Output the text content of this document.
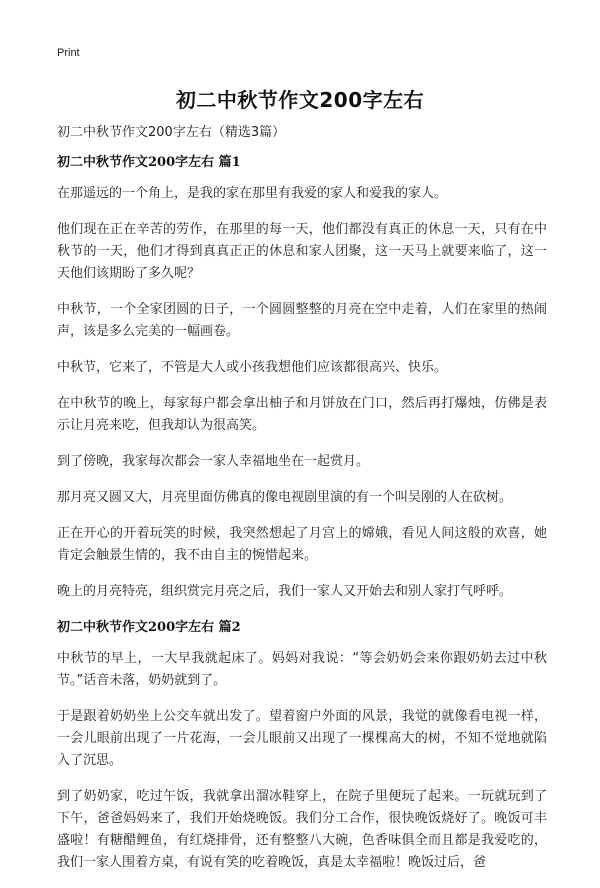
Print
初二中秋节作文200字左右

初二中秋节作文200字左右（精选3篇）

初二中秋节作文200字左右 篇1

在那遥远的一个角上，是我的家在那里有我爱的家人和爱我的家人。

他们现在正在辛苦的劳作，在那里的每一天，他们都没有真正的休息一天，只有在中秋节的一天，他们才得到真真正正的休息和家人团聚，这一天马上就要来临了，这一天他们该期盼了多久呢？

中秋节，一个全家团圆的日子，一个圆圆整整的月亮在空中走着，人们在家里的热闹声，该是多么完美的一幅画卷。

中秋节，它来了，不管是大人或小孩我想他们应该都很高兴、快乐。

在中秋节的晚上，每家每户都会拿出柚子和月饼放在门口，然后再打爆烛，仿佛是表示让月亮来吃，但我却认为很高笑。

到了傍晚，我家每次都会一家人幸福地坐在一起赏月。

那月亮又圆又大，月亮里面仿佛真的像电视剧里演的有一个叫吴刚的人在砍树。

正在开心的开着玩笑的时候，我突然想起了月宫上的嫦娥，看见人间这般的欢喜，她肯定会触景生情的，我不由自主的惋惜起来。

晚上的月亮特亮，组织赏完月亮之后，我们一家人又开始去和别人家打气呼呼。

初二中秋节作文200字左右 篇2

中秋节的早上，一大早我就起床了。妈妈对我说：“等会奶奶会来你跟奶奶去过中秋节。”话音未落，奶奶就到了。

于是跟着奶奶坐上公交车就出发了。望着窗户外面的风景，我觉的就像看电视一样，一会儿眼前出现了一片花海，一会儿眼前又出现了一棵棵高大的树，不知不觉地就陷入了沉思。

到了奶奶家，吃过午饭，我就拿出溜冰鞋穿上，在院子里便玩了起来。一玩就玩到了下午，爸爸妈妈来了，我们开始烧晚饭。我们分工合作，很快晚饭烧好了。晚饭可丰盛啦！有糖醋鲤鱼，有红烧排骨，还有整整八大碗，色香味俱全而且都是我爱吃的，我们一家人围着方桌，有说有笑的吃着晚饭，真是太幸福啦！晚饭过后，爸
